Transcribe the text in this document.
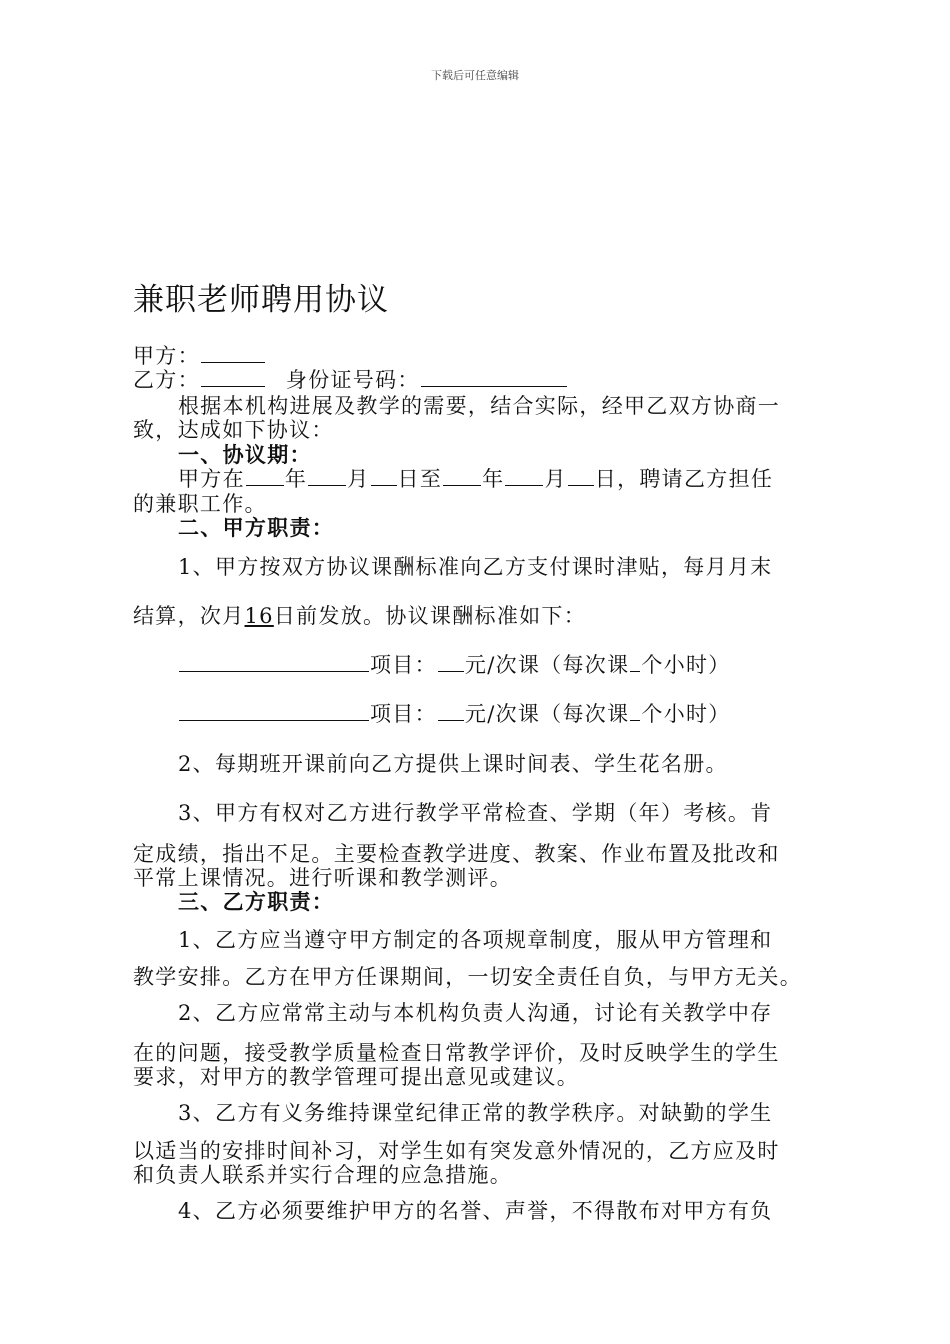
下载后可任意编辑
兼职老师聘用协议
甲方：
乙方：	身份证号码：
根据本机构进展及教学的需要，结合实际，经甲乙双方协商一
致，达成如下协议：
一、协议期：
甲方在 年 月 日至 年 月 日，聘请乙方担任
的兼职工作。
二、甲方职责：
1、甲方按双方协议课酬标准向乙方支付课时津贴，每月月末
结算，次月16日前发放。协议课酬标准如下：
项目： 元/次课（每次课 个小时）
项目： 元/次课（每次课 个小时）
2、每期班开课前向乙方提供上课时间表、学生花名册。
3、甲方有权对乙方进行教学平常检查、学期（年）考核。肯
定成绩，指出不足。主要检查教学进度、教案、作业布置及批改和
平常上课情况。进行听课和教学测评。
三、乙方职责：
1、乙方应当遵守甲方制定的各项规章制度，服从甲方管理和
教学安排。乙方在甲方任课期间，一切安全责任自负，与甲方无关。
2、乙方应常常主动与本机构负责人沟通，讨论有关教学中存
在的问题，接受教学质量检查日常教学评价，及时反映学生的学生
要求，对甲方的教学管理可提出意见或建议。
3、乙方有义务维持课堂纪律正常的教学秩序。对缺勤的学生
以适当的安排时间补习，对学生如有突发意外情况的，乙方应及时
和负责人联系并实行合理的应急措施。
4、乙方必须要维护甲方的名誉、声誉，不得散布对甲方有负
